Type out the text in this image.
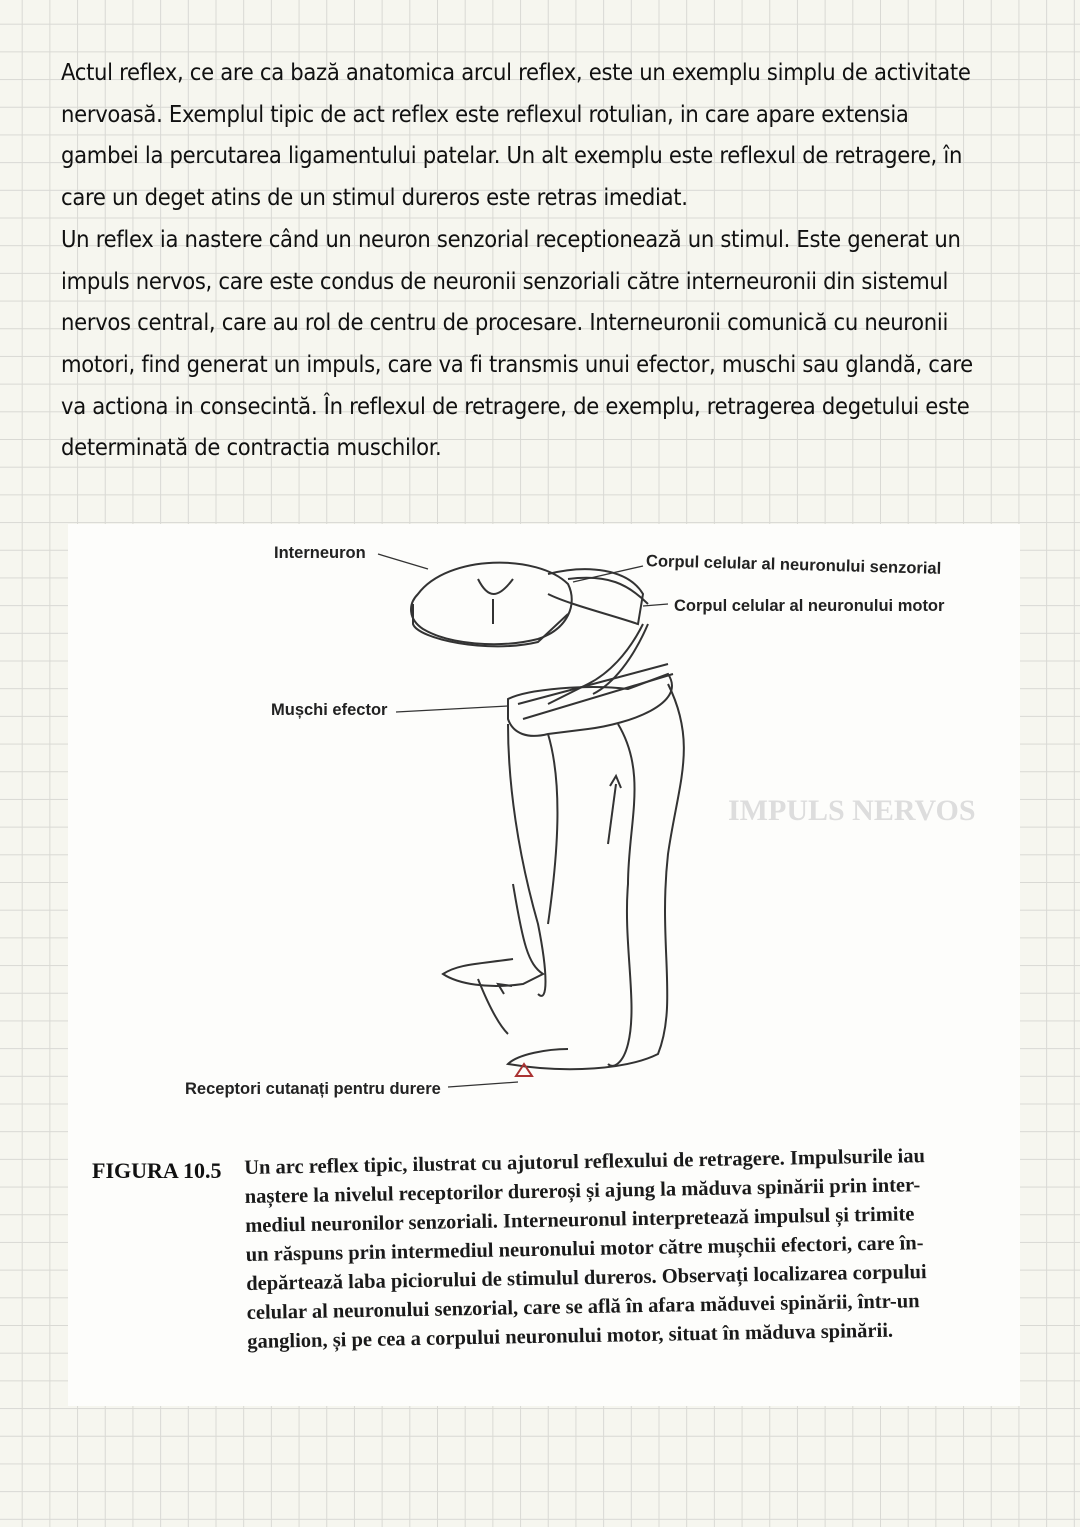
Actul reflex, ce are ca bază anatomica arcul reflex, este un exemplu simplu de activitate
nervoasă. Exemplul tipic de act reflex este reflexul rotulian, in care apare extensia
gambei la percutarea ligamentului patelar. Un alt exemplu este reflexul de retragere, în
care un deget atins de un stimul dureros este retras imediat.
Un reflex ia nastere când un neuron senzorial receptionează un stimul. Este generat un
impuls nervos, care este condus de neuronii senzoriali către interneuronii din sistemul
nervos central, care au rol de centru de procesare. Interneuronii comunică cu neuronii
motori, find generat un impuls, care va fi transmis unui efector, muschi sau glandă, care
va actiona in consecintă. În reflexul de retragere, de exemplu, retragerea degetului este
determinată de contractia muschilor.
IMPULS NERVOS
Interneuron	Corpul celular al neuronului senzorial
Corpul celular al neuronului motor
Mușchi efector
Receptori cutanați pentru durere
FIGURA 10.5 Un arc reflex tipic, ilustrat cu ajutorul reflexului de retragere. Impulsurile iau
naștere la nivelul receptorilor dureroși și ajung la măduva spinării prin inter-
mediul neuronilor senzoriali. Interneuronul interpretează impulsul și trimite
un răspuns prin intermediul neuronului motor către mușchii efectori, care în-
depărtează laba piciorului de stimulul dureros. Observați localizarea corpului
celular al neuronului senzorial, care se află în afara măduvei spinării, într-un
ganglion, și pe cea a corpului neuronului motor, situat în măduva spinării.
